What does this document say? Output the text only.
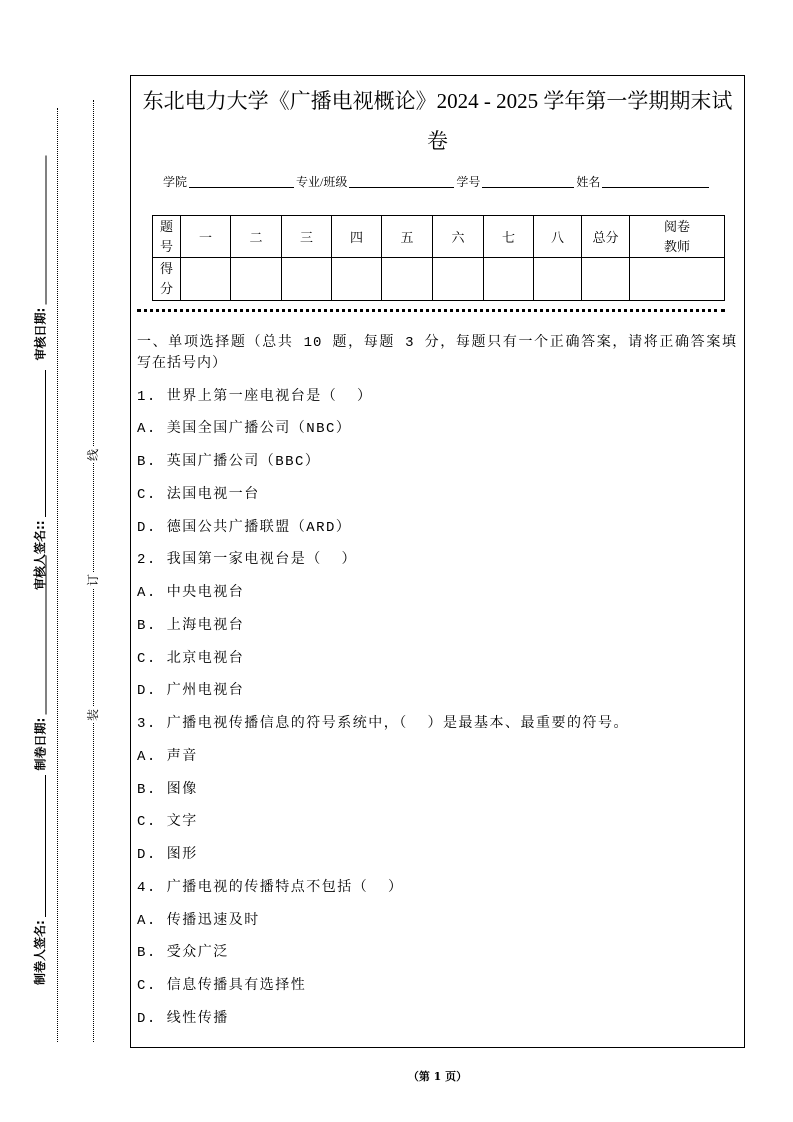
审核日期:
审核人签名::
制卷日期:
制卷人签名:
线
订
装
东北电力大学《广播电视概论》2024 - 2025 学年第一学期期末试
卷
学院	专业/班级	学号	姓名
题号	一	二	三	四	五	六	七	八	总分	阅卷教师
得分										
一、单项选择题（总共 10 题，每题 3 分，每题只有一个正确答案，请将正确答案填
写在括号内）
1. 世界上第一座电视台是（  ）
A. 美国全国广播公司（NBC）
B. 英国广播公司（BBC）
C. 法国电视一台
D. 德国公共广播联盟（ARD）
2. 我国第一家电视台是（  ）
A. 中央电视台
B. 上海电视台
C. 北京电视台
D. 广州电视台
3. 广播电视传播信息的符号系统中，（  ）是最基本、最重要的符号。
A. 声音
B. 图像
C. 文字
D. 图形
4. 广播电视的传播特点不包括（  ）
A. 传播迅速及时
B. 受众广泛
C. 信息传播具有选择性
D. 线性传播
（第 1 页）
